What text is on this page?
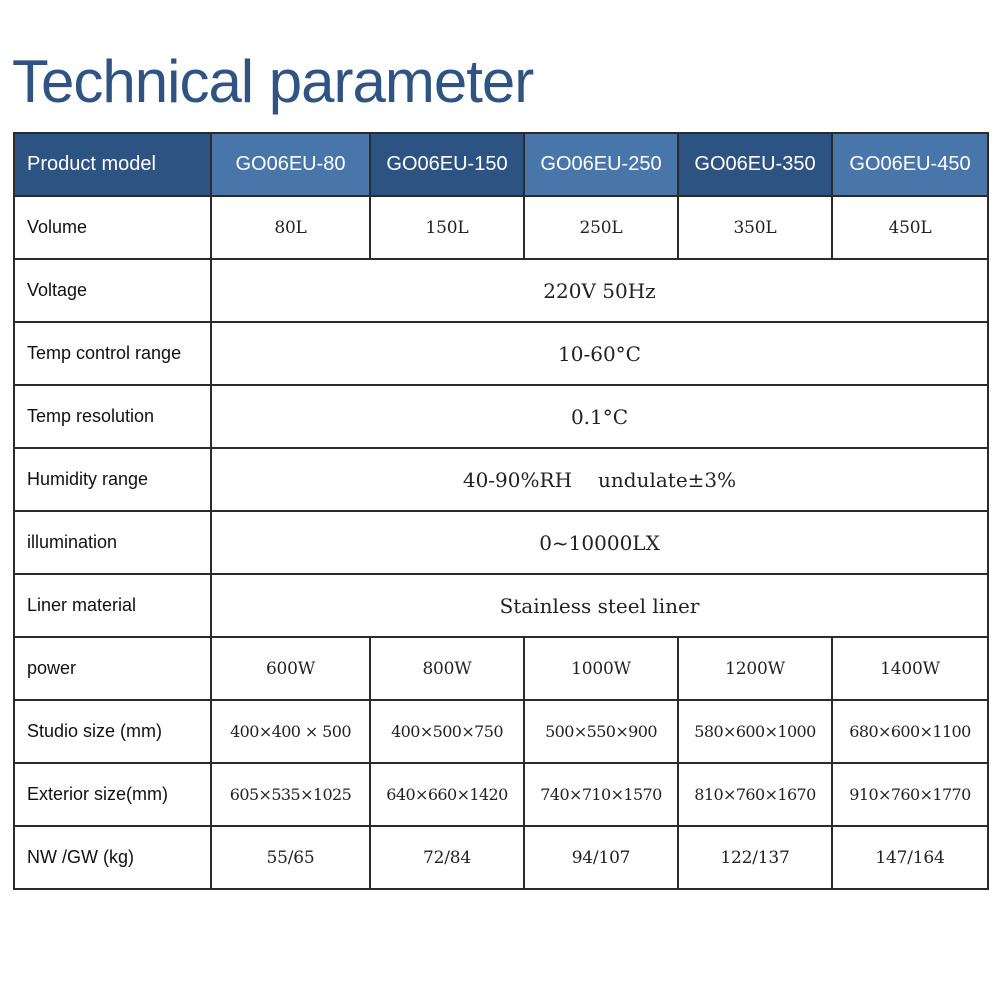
Technical parameter
Product model	GO06EU-80	GO06EU-150	GO06EU-250	GO06EU-350	GO06EU-450
Volume	80L	150L	250L	350L	450L
Voltage	220V 50Hz				
Temp control range	10-60°C				
Temp resolution	0.1°C				
Humidity range	40-90%RH undulate±3%				
illumination	0~10000LX				
Liner material	Stainless steel liner				
power	600W	800W	1000W	1200W	1400W
Studio size (mm)	400×400 × 500	400×500×750	500×550×900	580×600×1000	680×600×1100
Exterior size(mm)	605×535×1025	640×660×1420	740×710×1570	810×760×1670	910×760×1770
NW /GW (kg)	55/65	72/84	94/107	122/137	147/164
